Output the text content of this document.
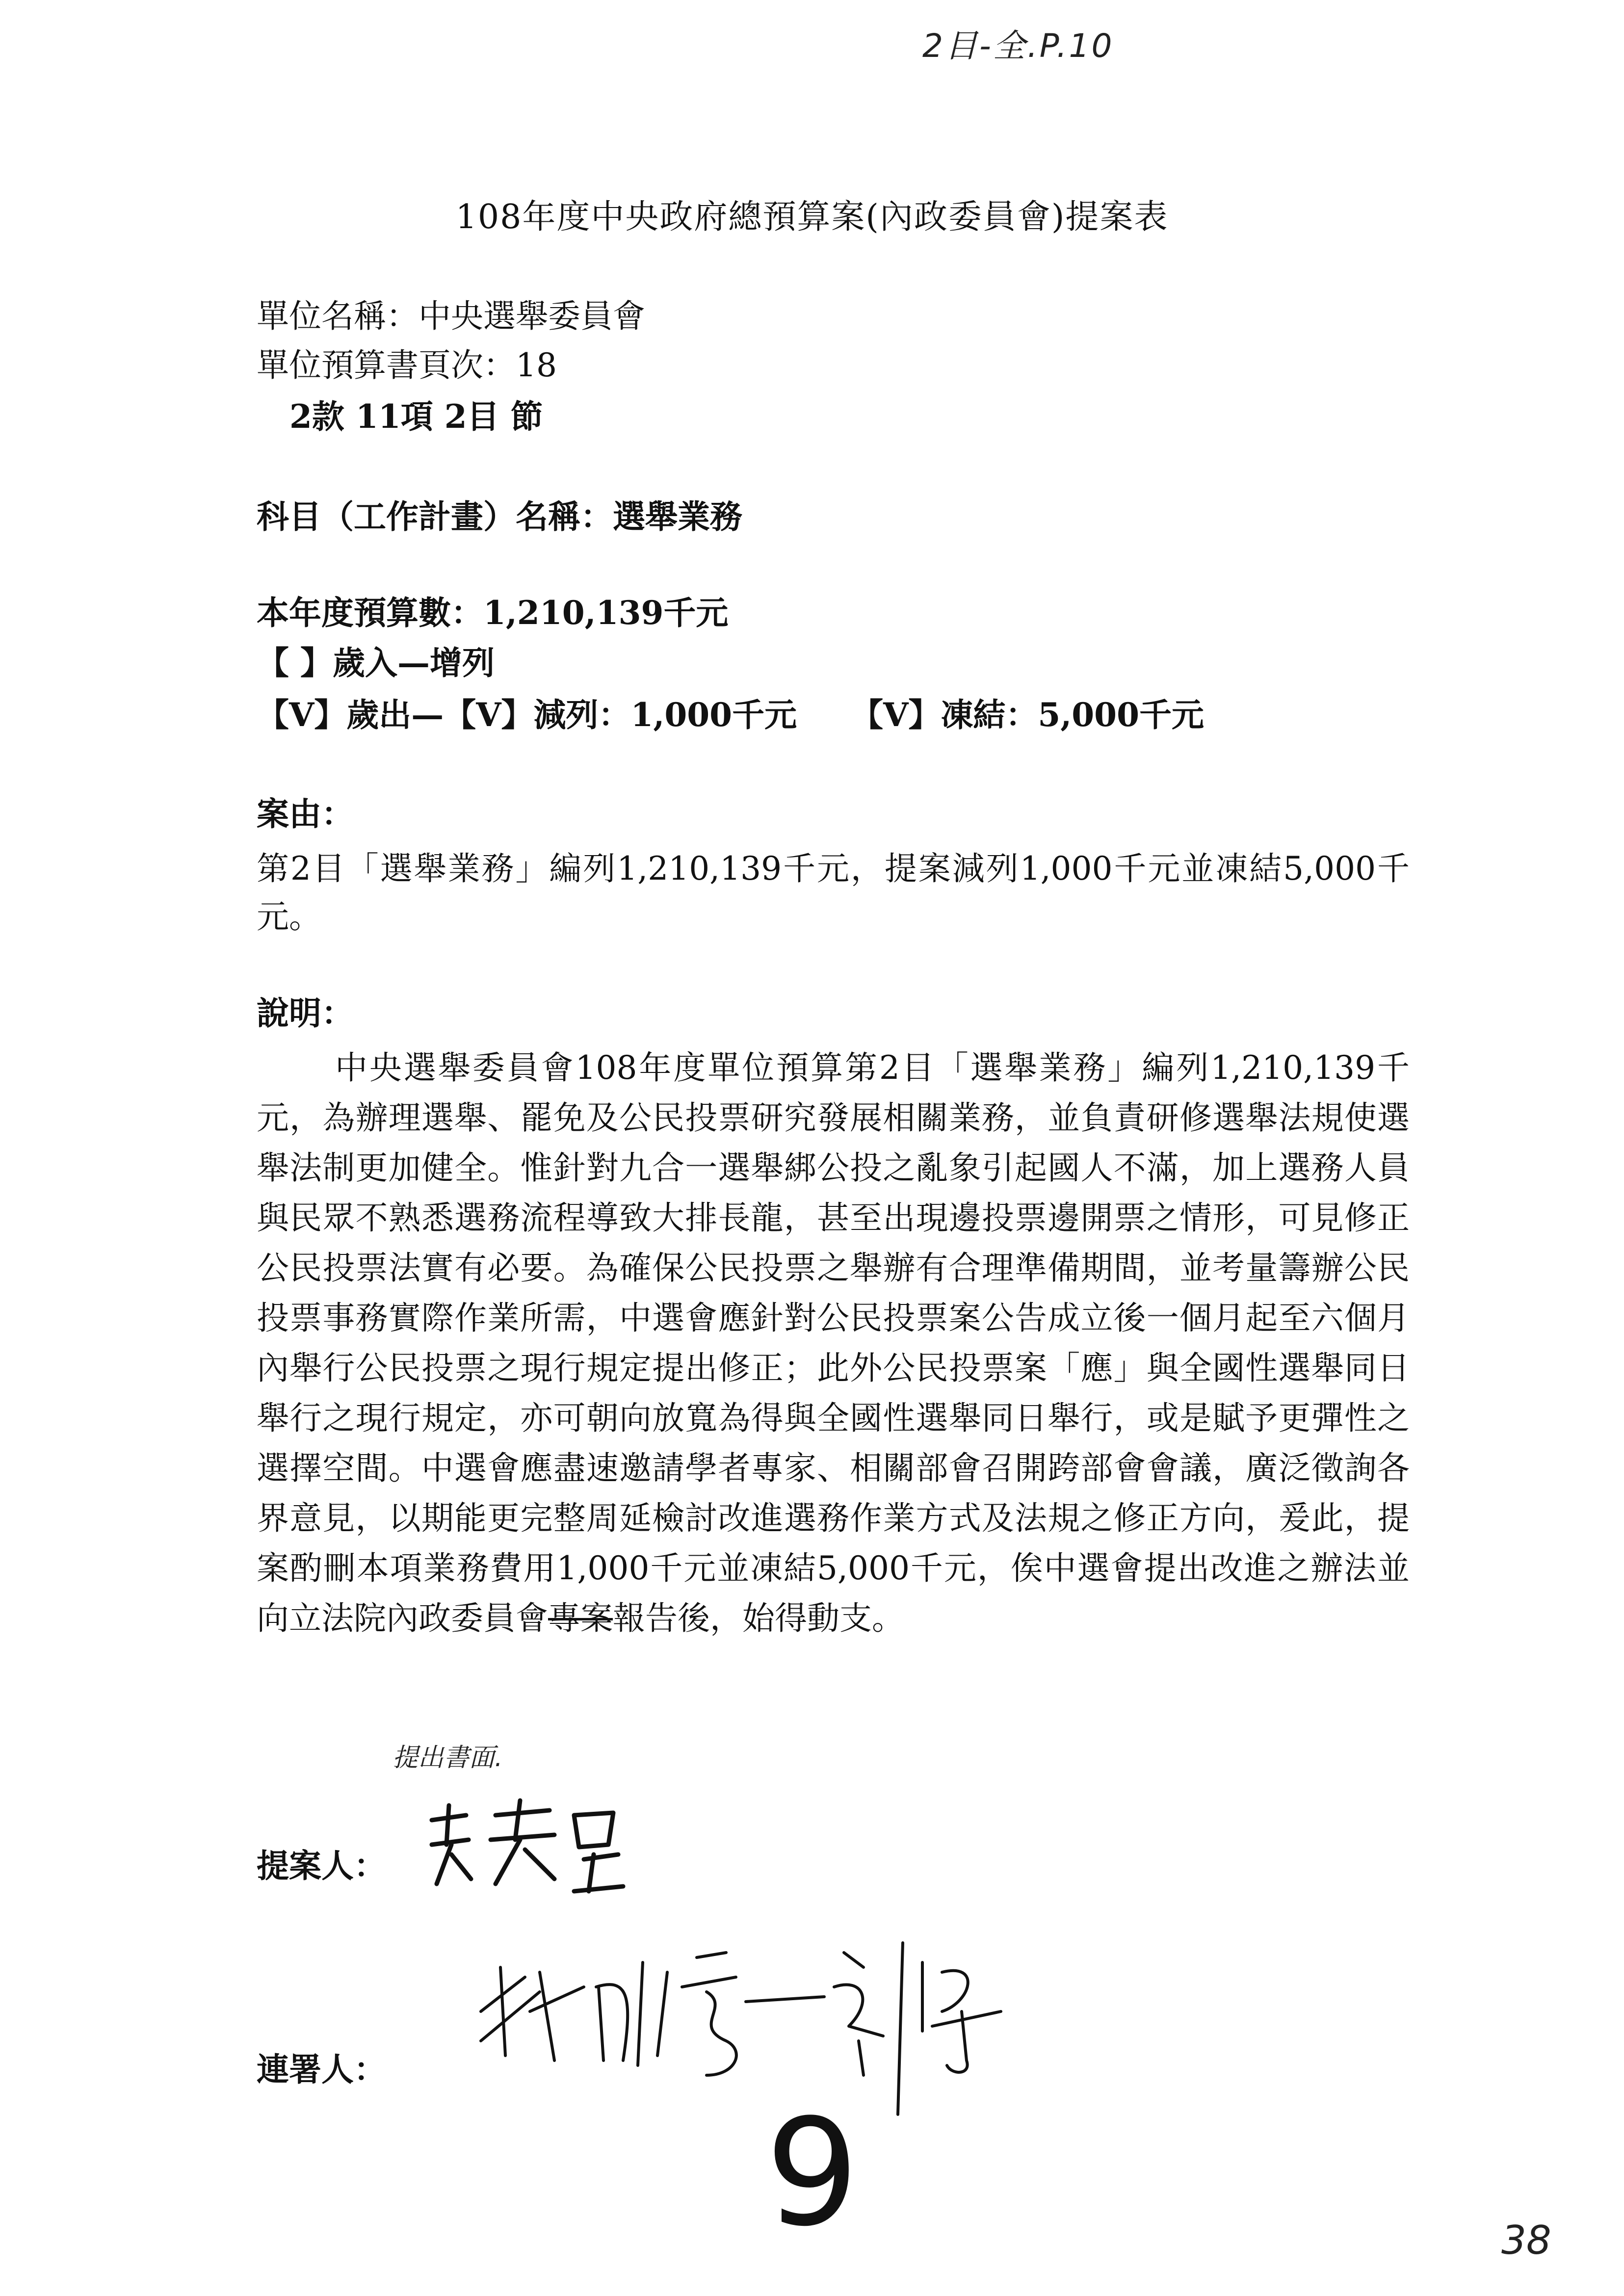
2目-全.P.10
108年度中央政府總預算案(內政委員會)提案表
單位名稱：中央選舉委員會
單位預算書頁次：18
2款 11項 2目 節
科目（工作計畫）名稱：選舉業務
本年度預算數：1,210,139千元
【 】歲入—增列
【V】歲出—【V】減列：1,000千元 【V】凍結：5,000千元
案由：
第2目「選舉業務」編列1,210,139千元，提案減列1,000千元並凍結5,000千元。
說明：
中央選舉委員會108年度單位預算第2目「選舉業務」編列1,210,139千元，為辦理選舉、罷免及公民投票研究發展相關業務，並負責研修選舉法規使選舉法制更加健全。惟針對九合一選舉綁公投之亂象引起國人不滿，加上選務人員與民眾不熟悉選務流程導致大排長龍，甚至出現邊投票邊開票之情形，可見修正公民投票法實有必要。為確保公民投票之舉辦有合理準備期間，並考量籌辦公民投票事務實際作業所需，中選會應針對公民投票案公告成立後一個月起至六個月內舉行公民投票之現行規定提出修正；此外公民投票案「應」與全國性選舉同日舉行之現行規定，亦可朝向放寬為得與全國性選舉同日舉行，或是賦予更彈性之選擇空間。中選會應盡速邀請學者專家、相關部會召開跨部會會議，廣泛徵詢各界意見，以期能更完整周延檢討改進選務作業方式及法規之修正方向，爰此，提案酌刪本項業務費用1,000千元並凍結5,000千元，俟中選會提出改進之辦法並向立法院內政委員會專案報告後，始得動支。
提出書面.
提案人：
連署人：
9	38
